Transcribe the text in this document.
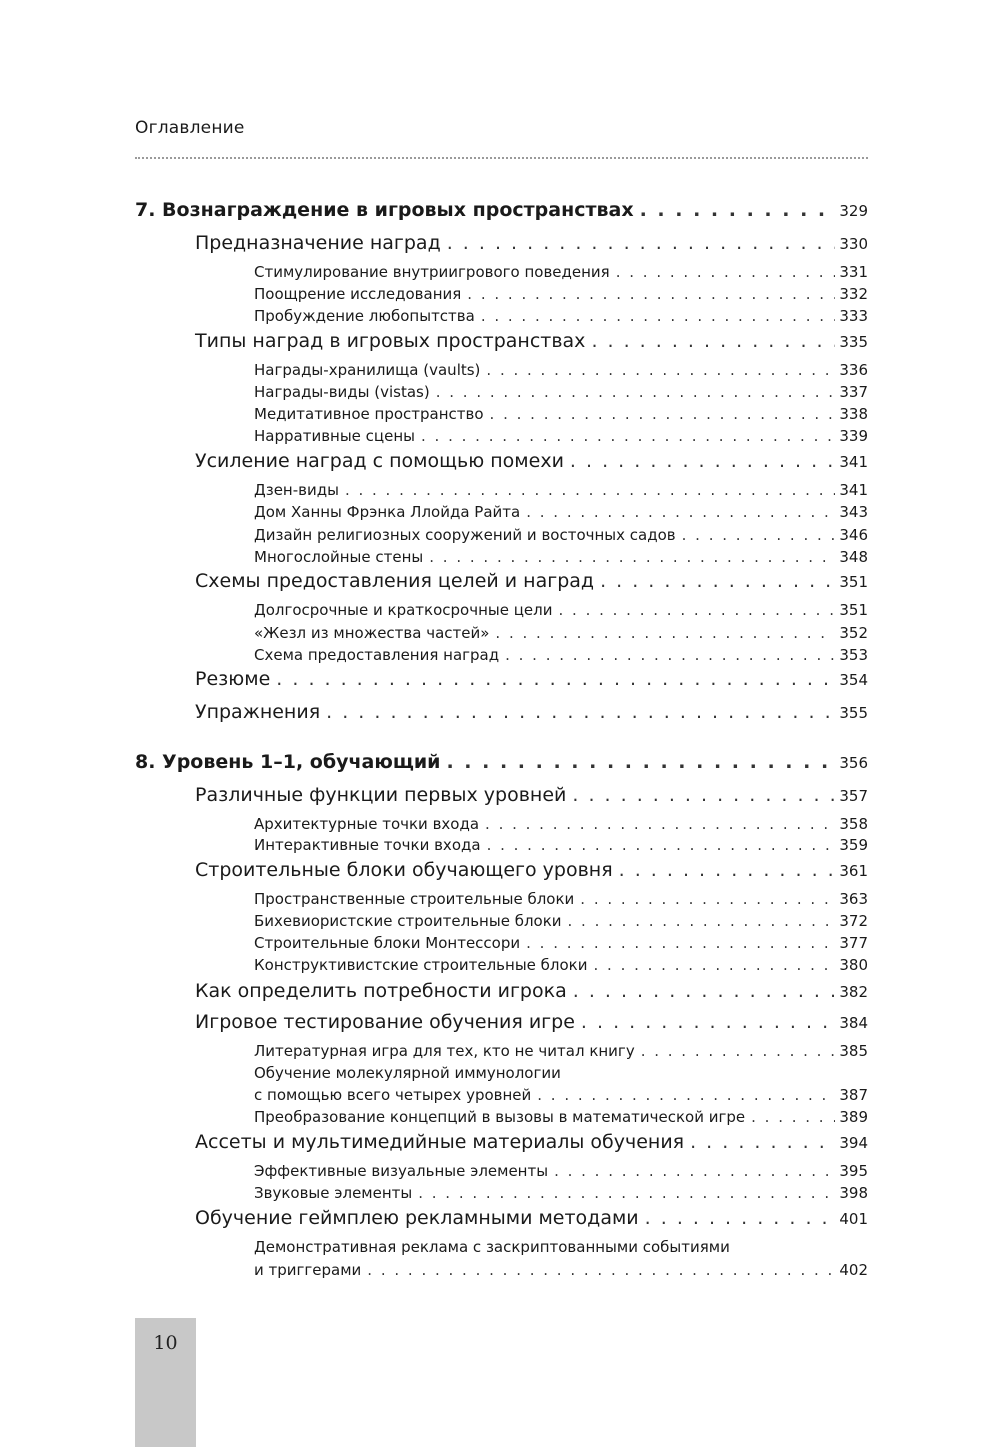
Оглавление
7. Вознаграждение в игровых пространствах . . .	329
Предназначение наград . . .	330
Стимулирование внутриигрового поведения . . .	331
Поощрение исследования . . .	332
Пробуждение любопытства . . .	333
Типы наград в игровых пространствах . . .	335
Награды-хранилища (vaults) . . .	336
Награды-виды (vistas) . . .	337
Медитативное пространство . . .	338
Нарративные сцены . . .	339
Усиление наград с помощью помехи . . .	341
Дзен-виды . . .	341
Дом Ханны Фрэнка Ллойда Райта . . .	343
Дизайн религиозных сооружений и восточных садов . . .	346
Многослойные стены . . .	348
Схемы предоставления целей и наград . . .	351
Долгосрочные и краткосрочные цели . . .	351
«Жезл из множества частей» . . .	352
Схема предоставления наград . . .	353
Резюме . . .	354
Упражнения . . .	355
8. Уровень 1–1, обучающий . . .	356
Различные функции первых уровней . . .	357
Архитектурные точки входа . . .	358
Интерактивные точки входа . . .	359
Строительные блоки обучающего уровня . . .	361
Пространственные строительные блоки . . .	363
Бихевиористские строительные блоки . . .	372
Строительные блоки Монтессори . . .	377
Конструктивистские строительные блоки . . .	380
Как определить потребности игрока . . .	382
Игровое тестирование обучения игре . . .	384
Литературная игра для тех, кто не читал книгу . . .	385
Обучение молекулярной иммунологии
с помощью всего четырех уровней . . .	387
Преобразование концепций в вызовы в математической игре . . .	389
Ассеты и мультимедийные материалы обучения . . .	394
Эффективные визуальные элементы . . .	395
Звуковые элементы . . .	398
Обучение геймплею рекламными методами . . .	401
Демонстративная реклама с заскриптованными событиями
и триггерами . . .	402
10
